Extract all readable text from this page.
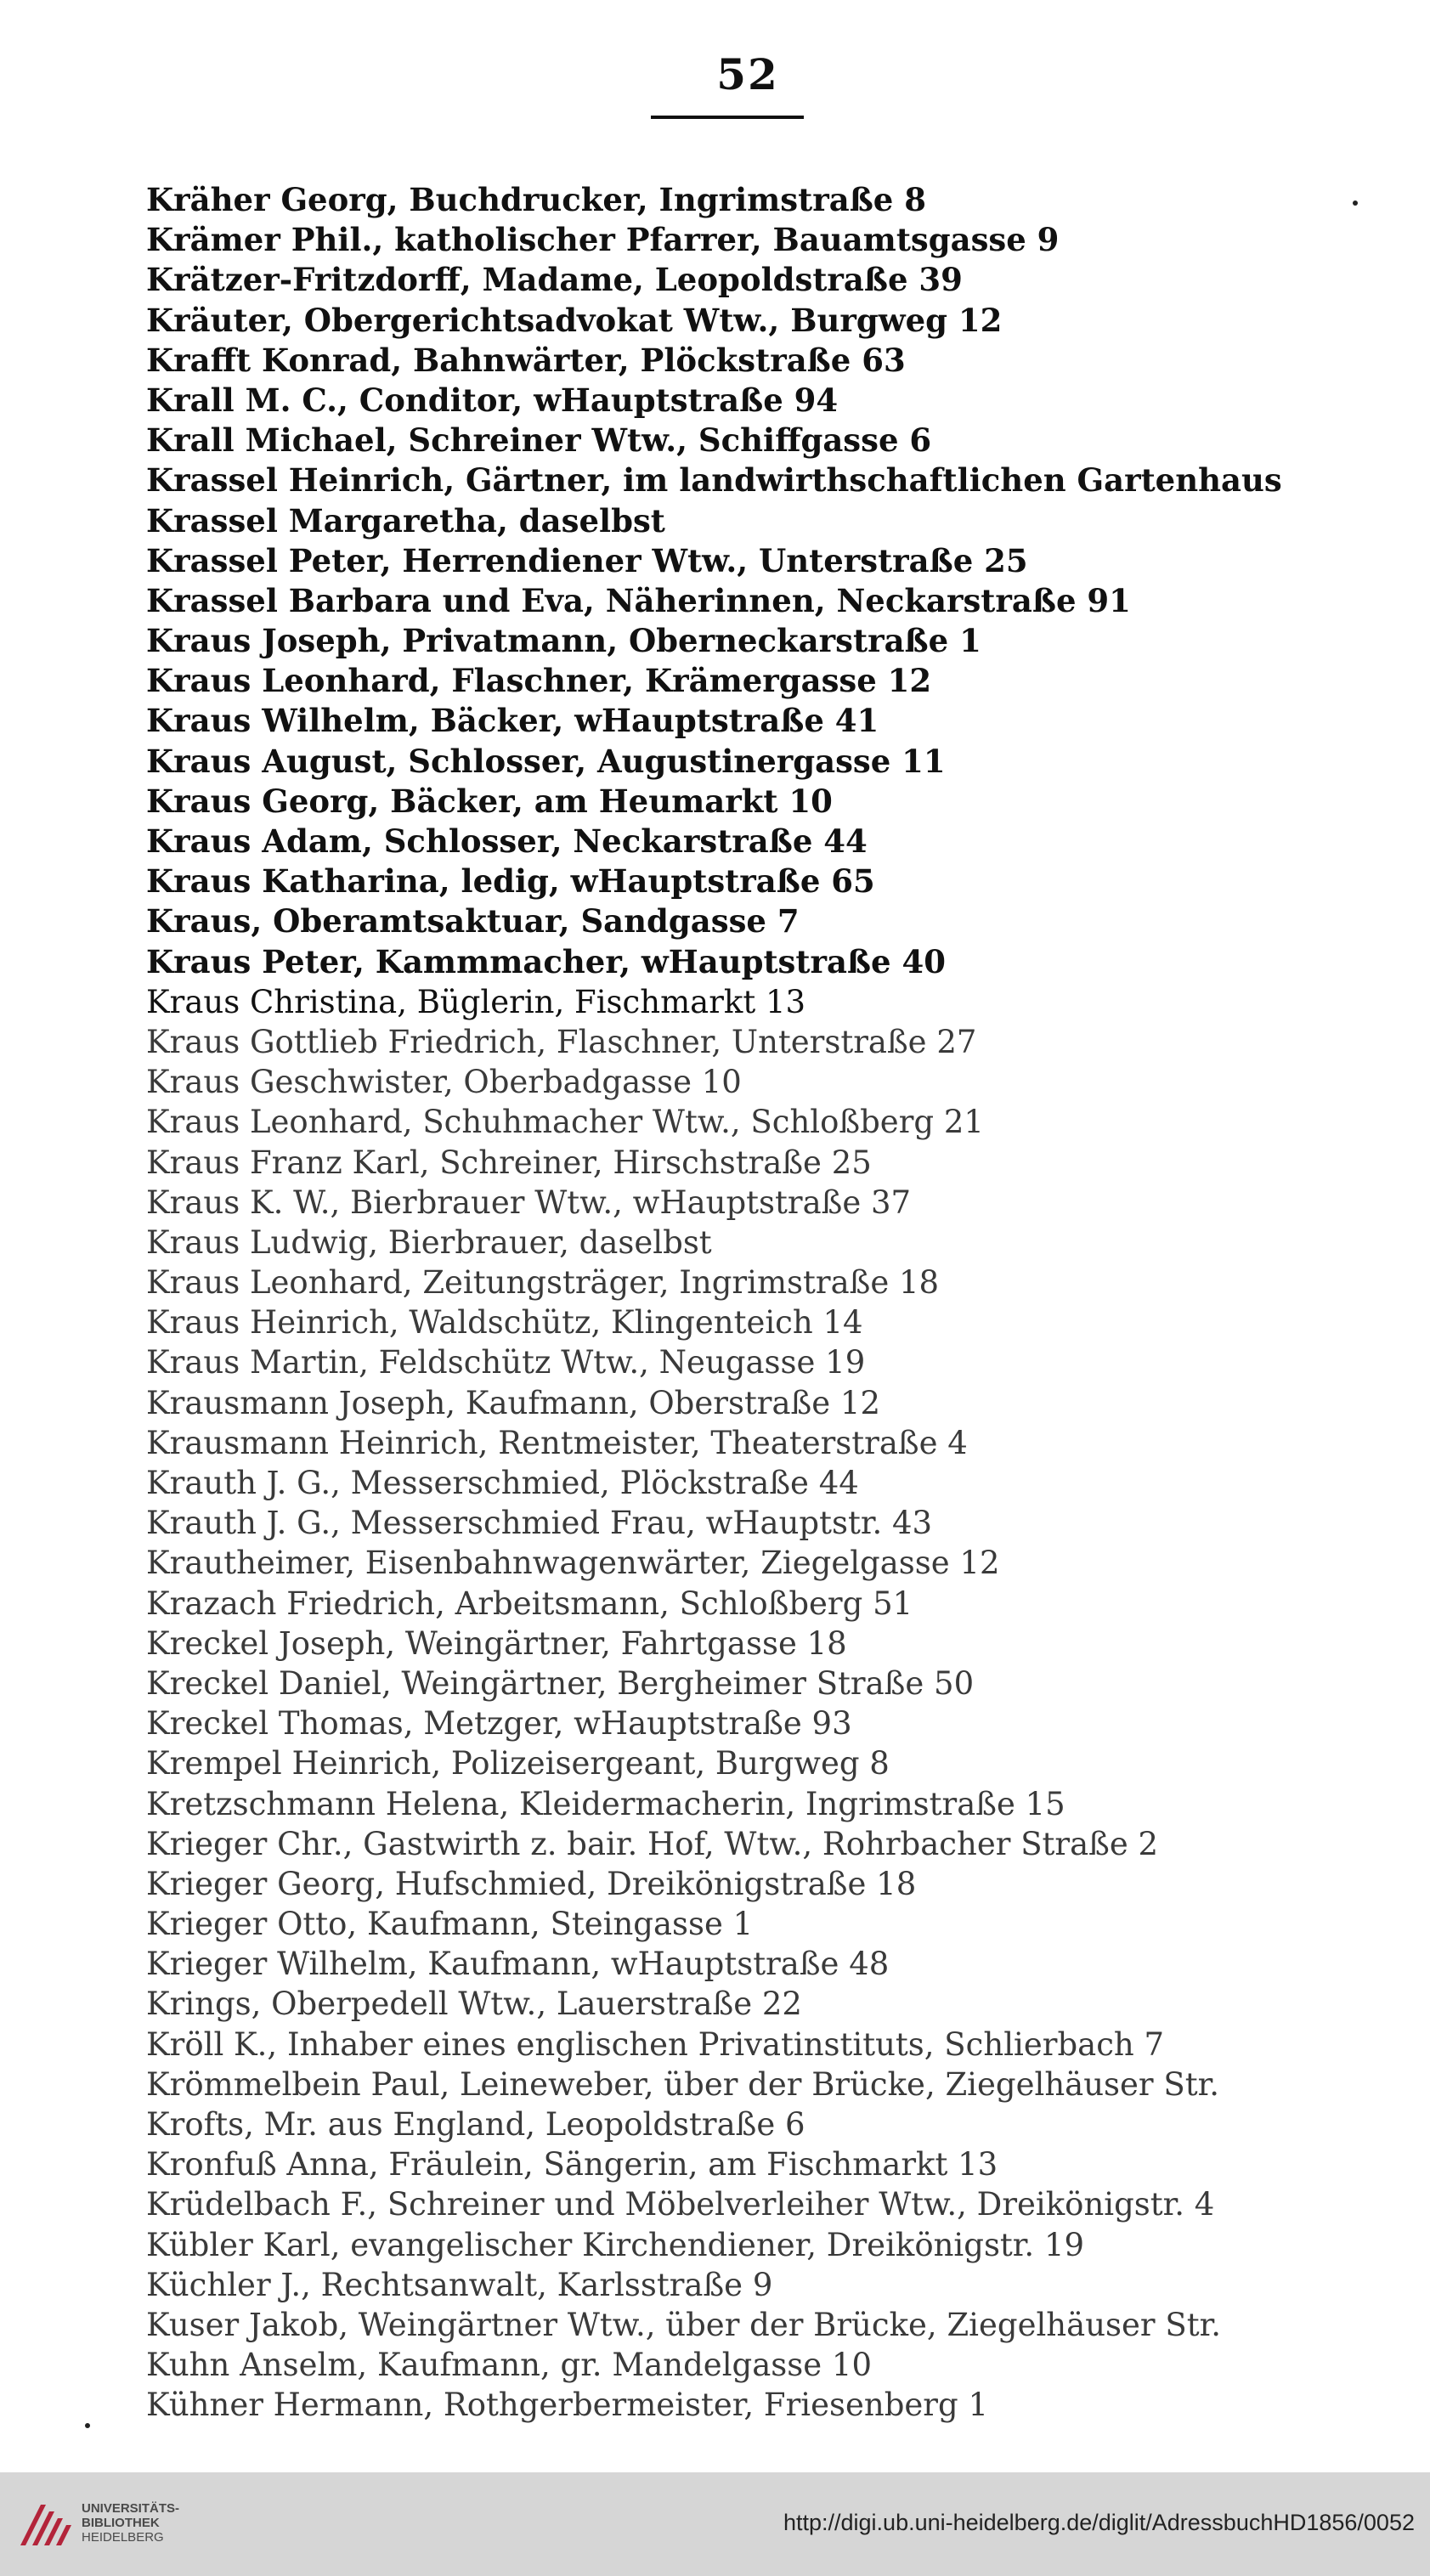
52
Kräher Georg, Buchdrucker, Ingrimstraße 8
Krämer Phil., katholischer Pfarrer, Bauamtsgasse 9
Krätzer-Fritzdorff, Madame, Leopoldstraße 39
Kräuter, Obergerichtsadvokat Wtw., Burgweg 12
Krafft Konrad, Bahnwärter, Plöckstraße 63
Krall M. C., Conditor, wHauptstraße 94
Krall Michael, Schreiner Wtw., Schiffgasse 6
Krassel Heinrich, Gärtner, im landwirthschaftlichen Gartenhaus
Krassel Margaretha, daselbst
Krassel Peter, Herrendiener Wtw., Unterstraße 25
Krassel Barbara und Eva, Näherinnen, Neckarstraße 91
Kraus Joseph, Privatmann, Oberneckarstraße 1
Kraus Leonhard, Flaschner, Krämergasse 12
Kraus Wilhelm, Bäcker, wHauptstraße 41
Kraus August, Schlosser, Augustinergasse 11
Kraus Georg, Bäcker, am Heumarkt 10
Kraus Adam, Schlosser, Neckarstraße 44
Kraus Katharina, ledig, wHauptstraße 65
Kraus, Oberamtsaktuar, Sandgasse 7
Kraus Peter, Kammmacher, wHauptstraße 40
Kraus Christina, Büglerin, Fischmarkt 13
Kraus Gottlieb Friedrich, Flaschner, Unterstraße 27
Kraus Geschwister, Oberbadgasse 10
Kraus Leonhard, Schuhmacher Wtw., Schloßberg 21
Kraus Franz Karl, Schreiner, Hirschstraße 25
Kraus K. W., Bierbrauer Wtw., wHauptstraße 37
Kraus Ludwig, Bierbrauer, daselbst
Kraus Leonhard, Zeitungsträger, Ingrimstraße 18
Kraus Heinrich, Waldschütz, Klingenteich 14
Kraus Martin, Feldschütz Wtw., Neugasse 19
Krausmann Joseph, Kaufmann, Oberstraße 12
Krausmann Heinrich, Rentmeister, Theaterstraße 4
Krauth J. G., Messerschmied, Plöckstraße 44
Krauth J. G., Messerschmied Frau, wHauptstr. 43
Krautheimer, Eisenbahnwagenwärter, Ziegelgasse 12
Krazach Friedrich, Arbeitsmann, Schloßberg 51
Kreckel Joseph, Weingärtner, Fahrtgasse 18
Kreckel Daniel, Weingärtner, Bergheimer Straße 50
Kreckel Thomas, Metzger, wHauptstraße 93
Krempel Heinrich, Polizeisergeant, Burgweg 8
Kretzschmann Helena, Kleidermacherin, Ingrimstraße 15
Krieger Chr., Gastwirth z. bair. Hof, Wtw., Rohrbacher Straße 2
Krieger Georg, Hufschmied, Dreikönigstraße 18
Krieger Otto, Kaufmann, Steingasse 1
Krieger Wilhelm, Kaufmann, wHauptstraße 48
Krings, Oberpedell Wtw., Lauerstraße 22
Kröll K., Inhaber eines englischen Privatinstituts, Schlierbach 7
Krömmelbein Paul, Leineweber, über der Brücke, Ziegelhäuser Str.
Krofts, Mr. aus England, Leopoldstraße 6
Kronfuß Anna, Fräulein, Sängerin, am Fischmarkt 13
Krüdelbach F., Schreiner und Möbelverleiher Wtw., Dreikönigstr. 4
Kübler Karl, evangelischer Kirchendiener, Dreikönigstr. 19
Küchler J., Rechtsanwalt, Karlsstraße 9
Kuser Jakob, Weingärtner Wtw., über der Brücke, Ziegelhäuser Str.
Kuhn Anselm, Kaufmann, gr. Mandelgasse 10
Kühner Hermann, Rothgerbermeister, Friesenberg 1
UNIVERSITÄTS-
BIBLIOTHEK
HEIDELBERG
http://digi.ub.uni-heidelberg.de/diglit/AdressbuchHD1856/0052
